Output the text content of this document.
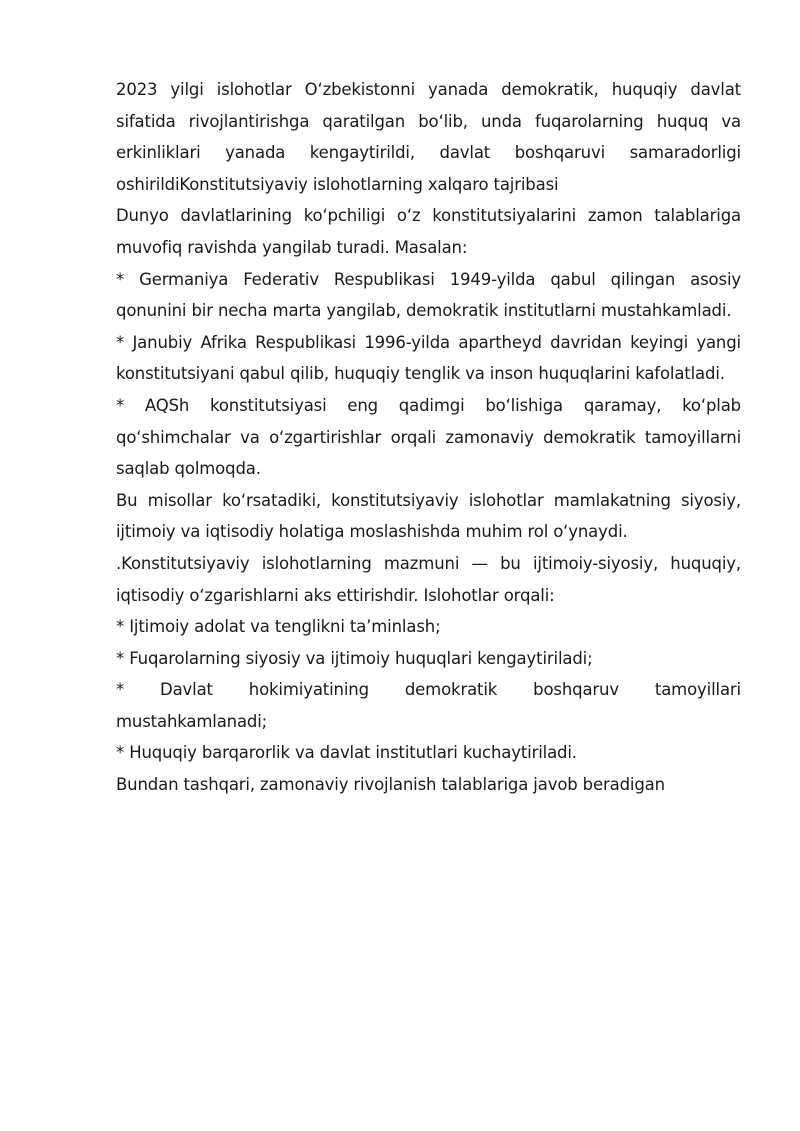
2023 yilgi islohotlar O‘zbekistonni yanada demokratik, huquqiy davlat sifatida rivojlantirishga qaratilgan bo‘lib, unda fuqarolarning huquq va erkinliklari yanada kengaytirildi, davlat boshqaruvi samaradorligi oshirildiKonstitutsiyaviy islohotlarning xalqaro tajribasi

Dunyo davlatlarining ko‘pchiligi o‘z konstitutsiyalarini zamon talablariga muvofiq ravishda yangilab turadi. Masalan:

* Germaniya Federativ Respublikasi 1949-yilda qabul qilingan asosiy qonunini bir necha marta yangilab, demokratik institutlarni mustahkamladi.

* Janubiy Afrika Respublikasi 1996-yilda apartheyd davridan keyingi yangi konstitutsiyani qabul qilib, huquqiy tenglik va inson huquqlarini kafolatladi.

* AQSh konstitutsiyasi eng qadimgi bo‘lishiga qaramay, ko‘plab qo‘shimchalar va o‘zgartirishlar orqali zamonaviy demokratik tamoyillarni saqlab qolmoqda.

Bu misollar ko‘rsatadiki, konstitutsiyaviy islohotlar mamlakatning siyosiy, ijtimoiy va iqtisodiy holatiga moslashishda muhim rol o‘ynaydi.

.Konstitutsiyaviy islohotlarning mazmuni — bu ijtimoiy-siyosiy, huquqiy, iqtisodiy o‘zgarishlarni aks ettirishdir. Islohotlar orqali:

* Ijtimoiy adolat va tenglikni ta’minlash;

* Fuqarolarning siyosiy va ijtimoiy huquqlari kengaytiriladi;

* Davlat hokimiyatining demokratik boshqaruv tamoyillari mustahkamlanadi;

* Huquqiy barqarorlik va davlat institutlari kuchaytiriladi.

Bundan tashqari, zamonaviy rivojlanish talablariga javob beradigan
